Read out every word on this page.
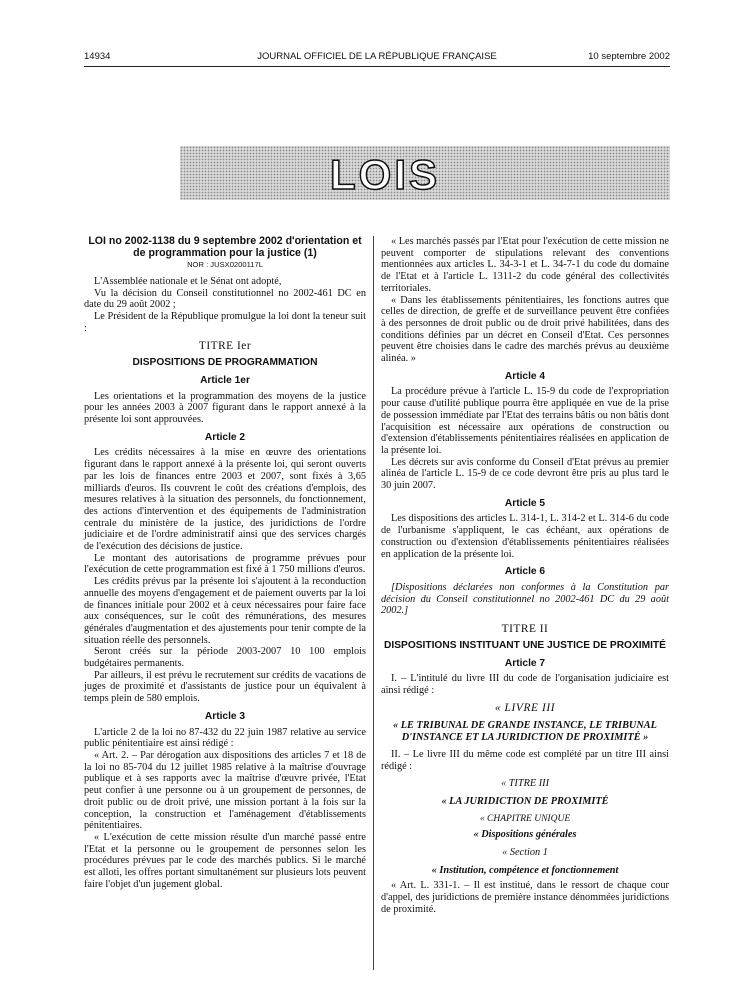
14934	JOURNAL OFFICIEL DE LA RÉPUBLIQUE FRANÇAISE	10 septembre 2002
LOIS
LOI no 2002-1138 du 9 septembre 2002 d'orientation et de programmation pour la justice (1)
NOR : JUSX0200117L

L'Assemblée nationale et le Sénat ont adopté,

Vu la décision du Conseil constitutionnel no 2002-461 DC en date du 29 août 2002 ;

Le Président de la République promulgue la loi dont la teneur suit :

TITRE Ier
DISPOSITIONS DE PROGRAMMATION
Article 1er

Les orientations et la programmation des moyens de la justice pour les années 2003 à 2007 figurant dans le rapport annexé à la présente loi sont approuvées.

Article 2

Les crédits nécessaires à la mise en œuvre des orientations figurant dans le rapport annexé à la présente loi, qui seront ouverts par les lois de finances entre 2003 et 2007, sont fixés à 3,65 milliards d'euros. Ils couvrent le coût des créations d'emplois, des mesures relatives à la situation des personnels, du fonctionnement, des actions d'intervention et des équipements de l'administration centrale du ministère de la justice, des juridictions de l'ordre judiciaire et de l'ordre administratif ainsi que des services chargés de l'exécution des décisions de justice.

Le montant des autorisations de programme prévues pour l'exécution de cette programmation est fixé à 1 750 millions d'euros.

Les crédits prévus par la présente loi s'ajoutent à la reconduction annuelle des moyens d'engagement et de paiement ouverts par la loi de finances initiale pour 2002 et à ceux nécessaires pour faire face aux conséquences, sur le coût des rémunérations, des mesures générales d'augmentation et des ajustements pour tenir compte de la situation réelle des personnels.

Seront créés sur la période 2003-2007 10 100 emplois budgétaires permanents.

Par ailleurs, il est prévu le recrutement sur crédits de vacations de juges de proximité et d'assistants de justice pour un équivalent à temps plein de 580 emplois.

Article 3

L'article 2 de la loi no 87-432 du 22 juin 1987 relative au service public pénitentiaire est ainsi rédigé :

« Art. 2. – Par dérogation aux dispositions des articles 7 et 18 de la loi no 85-704 du 12 juillet 1985 relative à la maîtrise d'ouvrage publique et à ses rapports avec la maîtrise d'œuvre privée, l'Etat peut confier à une personne ou à un groupement de personnes, de droit public ou de droit privé, une mission portant à la fois sur la conception, la construction et l'aménagement d'établissements pénitentiaires.

« L'exécution de cette mission résulte d'un marché passé entre l'Etat et la personne ou le groupement de personnes selon les procédures prévues par le code des marchés publics. Si le marché est alloti, les offres portant simultanément sur plusieurs lots peuvent faire l'objet d'un jugement global.

« Les marchés passés par l'Etat pour l'exécution de cette mission ne peuvent comporter de stipulations relevant des conventions mentionnées aux articles L. 34-3-1 et L. 34-7-1 du code du domaine de l'Etat et à l'article L. 1311-2 du code général des collectivités territoriales.

« Dans les établissements pénitentiaires, les fonctions autres que celles de direction, de greffe et de surveillance peuvent être confiées à des personnes de droit public ou de droit privé habilitées, dans des conditions définies par un décret en Conseil d'Etat. Ces personnes peuvent être choisies dans le cadre des marchés prévus au deuxième alinéa. »

Article 4

La procédure prévue à l'article L. 15-9 du code de l'expropriation pour cause d'utilité publique pourra être appliquée en vue de la prise de possession immédiate par l'Etat des terrains bâtis ou non bâtis dont l'acquisition est nécessaire aux opérations de construction ou d'extension d'établissements pénitentiaires réalisées en application de la présente loi.

Les décrets sur avis conforme du Conseil d'Etat prévus au premier alinéa de l'article L. 15-9 de ce code devront être pris au plus tard le 30 juin 2007.

Article 5

Les dispositions des articles L. 314-1, L. 314-2 et L. 314-6 du code de l'urbanisme s'appliquent, le cas échéant, aux opérations de construction ou d'extension d'établissements pénitentiaires réalisées en application de la présente loi.

Article 6

[Dispositions déclarées non conformes à la Constitution par décision du Conseil constitutionnel no 2002-461 DC du 29 août 2002.]

TITRE II
DISPOSITIONS INSTITUANT UNE JUSTICE DE PROXIMITÉ
Article 7

I. – L'intitulé du livre III du code de l'organisation judiciaire est ainsi rédigé :

« LIVRE III

« LE TRIBUNAL DE GRANDE INSTANCE, LE TRIBUNAL D'INSTANCE ET LA JURIDICTION DE PROXIMITÉ »

II. – Le livre III du même code est complété par un titre III ainsi rédigé :

« TITRE III

« LA JURIDICTION DE PROXIMITÉ

« CHAPITRE UNIQUE

« Dispositions générales

« Section 1

« Institution, compétence et fonctionnement

« Art. L. 331-1. – Il est institué, dans le ressort de chaque cour d'appel, des juridictions de première instance dénommées juridictions de proximité.
